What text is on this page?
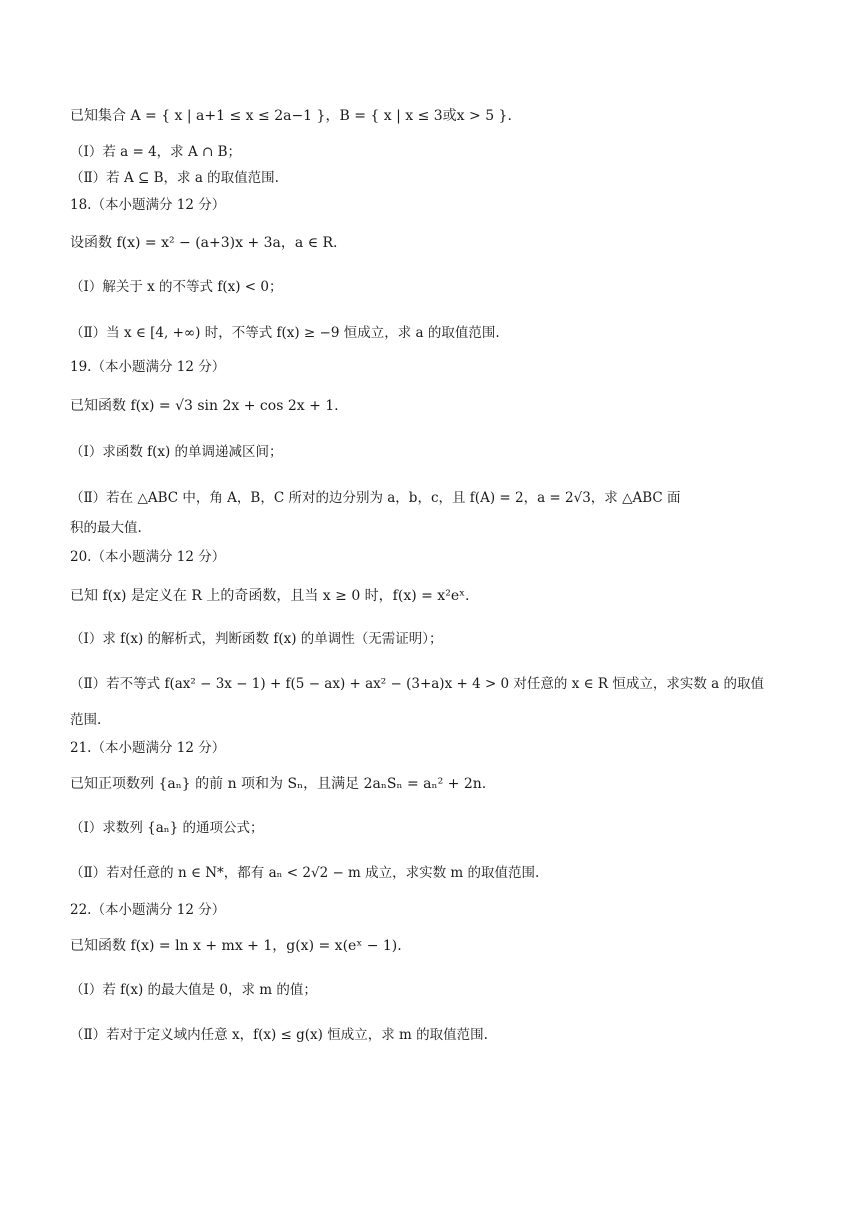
已知集合 A = { x | a+1 ≤ x ≤ 2a−1 }，B = { x | x ≤ 3或x > 5 }.
（Ⅰ）若 a = 4，求 A ∩ B；
（Ⅱ）若 A ⊆ B，求 a 的取值范围.
18.（本小题满分 12 分）
设函数 f(x) = x² − (a+3)x + 3a，a ∈ R.
（Ⅰ）解关于 x 的不等式 f(x) < 0；
（Ⅱ）当 x ∈ [4, +∞) 时，不等式 f(x) ≥ −9 恒成立，求 a 的取值范围.
19.（本小题满分 12 分）
已知函数 f(x) = √3 sin 2x + cos 2x + 1.
（Ⅰ）求函数 f(x) 的单调递减区间；
（Ⅱ）若在 △ABC 中，角 A，B，C 所对的边分别为 a，b，c，且 f(A) = 2，a = 2√3，求 △ABC 面
积的最大值.
20.（本小题满分 12 分）
已知 f(x) 是定义在 R 上的奇函数，且当 x ≥ 0 时，f(x) = x²eˣ.
（Ⅰ）求 f(x) 的解析式，判断函数 f(x) 的单调性（无需证明）；
（Ⅱ）若不等式 f(ax² − 3x − 1) + f(5 − ax) + ax² − (3+a)x + 4 > 0 对任意的 x ∈ R 恒成立，求实数 a 的取值
范围.
21.（本小题满分 12 分）
已知正项数列 {aₙ} 的前 n 项和为 Sₙ，且满足 2aₙSₙ = aₙ² + 2n.
（Ⅰ）求数列 {aₙ} 的通项公式；
（Ⅱ）若对任意的 n ∈ N*，都有 aₙ < 2√2 − m 成立，求实数 m 的取值范围.
22.（本小题满分 12 分）
已知函数 f(x) = ln x + mx + 1，g(x) = x(eˣ − 1).
（Ⅰ）若 f(x) 的最大值是 0，求 m 的值；
（Ⅱ）若对于定义域内任意 x，f(x) ≤ g(x) 恒成立，求 m 的取值范围.
